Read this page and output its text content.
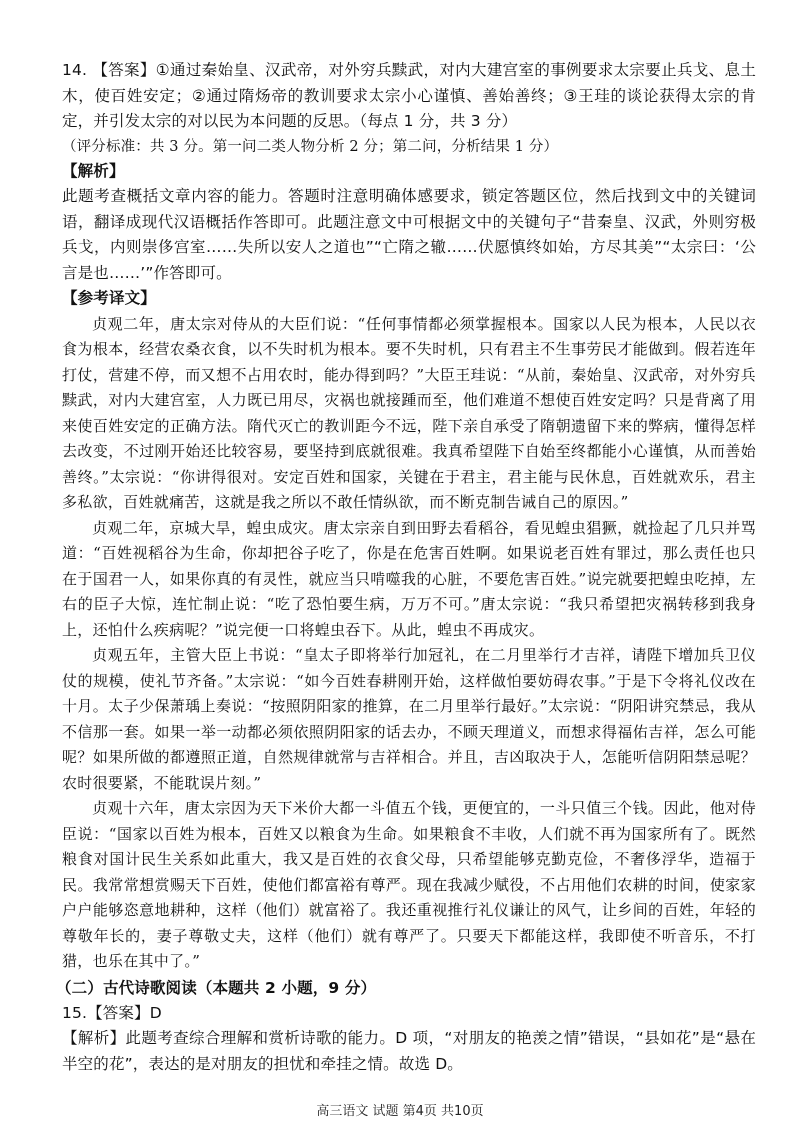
14. 【答案】①通过秦始皇、汉武帝，对外穷兵黩武，对内大建宫室的事例要求太宗要止兵戈、息土木，使百姓安定；②通过隋炀帝的教训要求太宗小心谨慎、善始善终；③王珪的谈论获得太宗的肯定，并引发太宗的对以民为本问题的反思。（每点 1 分，共 3 分）

（评分标准：共 3 分。第一问二类人物分析 2 分；第二问，分析结果 1 分）

【解析】

此题考查概括文章内容的能力。答题时注意明确体感要求，锁定答题区位，然后找到文中的关键词语，翻译成现代汉语概括作答即可。此题注意文中可根据文中的关键句子“昔秦皇、汉武，外则穷极兵戈，内则崇侈宫室……失所以安人之道也”“亡隋之辙……伏愿慎终如始，方尽其美”“太宗曰：‘公言是也……’”作答即可。

【参考译文】

贞观二年，唐太宗对侍从的大臣们说：“任何事情都必须掌握根本。国家以人民为根本，人民以衣食为根本，经营农桑衣食，以不失时机为根本。要不失时机，只有君主不生事劳民才能做到。假若连年打仗，营建不停，而又想不占用农时，能办得到吗？”大臣王珪说：“从前，秦始皇、汉武帝，对外穷兵黩武，对内大建宫室，人力既已用尽，灾祸也就接踵而至，他们难道不想使百姓安定吗？只是背离了用来使百姓安定的正确方法。隋代灭亡的教训距今不远，陛下亲自承受了隋朝遗留下来的弊病，懂得怎样去改变，不过刚开始还比较容易，要坚持到底就很难。我真希望陛下自始至终都能小心谨慎，从而善始善终。”太宗说：“你讲得很对。安定百姓和国家，关键在于君主，君主能与民休息，百姓就欢乐，君主多私欲，百姓就痛苦，这就是我之所以不敢任情纵欲，而不断克制告诫自己的原因。”

贞观二年，京城大旱，蝗虫成灾。唐太宗亲自到田野去看稻谷，看见蝗虫猖獗，就捡起了几只并骂道：“百姓视稻谷为生命，你却把谷子吃了，你是在危害百姓啊。如果说老百姓有罪过，那么责任也只在于国君一人，如果你真的有灵性，就应当只啃噬我的心脏，不要危害百姓。”说完就要把蝗虫吃掉，左右的臣子大惊，连忙制止说：“吃了恐怕要生病，万万不可。”唐太宗说：“我只希望把灾祸转移到我身上，还怕什么疾病呢？”说完便一口将蝗虫吞下。从此，蝗虫不再成灾。

贞观五年，主管大臣上书说：“皇太子即将举行加冠礼，在二月里举行才吉祥，请陛下增加兵卫仪仗的规模，使礼节齐备。”太宗说：“如今百姓春耕刚开始，这样做怕要妨碍农事。”于是下令将礼仪改在十月。太子少保萧瑀上奏说：“按照阴阳家的推算，在二月里举行最好。”太宗说：“阴阳讲究禁忌，我从不信那一套。如果一举一动都必须依照阴阳家的话去办，不顾天理道义，而想求得福佑吉祥，怎么可能呢？如果所做的都遵照正道，自然规律就常与吉祥相合。并且，吉凶取决于人，怎能听信阴阳禁忌呢？农时很要紧，不能耽误片刻。”

贞观十六年，唐太宗因为天下米价大都一斗值五个钱，更便宜的，一斗只值三个钱。因此，他对侍臣说：“国家以百姓为根本，百姓又以粮食为生命。如果粮食不丰收，人们就不再为国家所有了。既然粮食对国计民生关系如此重大，我又是百姓的衣食父母，只希望能够克勤克俭，不奢侈浮华，造福于民。我常常想赏赐天下百姓，使他们都富裕有尊严。现在我减少赋役，不占用他们农耕的时间，使家家户户能够恣意地耕种，这样（他们）就富裕了。我还重视推行礼仪谦让的风气，让乡间的百姓，年轻的尊敬年长的，妻子尊敬丈夫，这样（他们）就有尊严了。只要天下都能这样，我即使不听音乐，不打猎，也乐在其中了。”

（二）古代诗歌阅读（本题共 2 小题，9 分）

15.【答案】D

【解析】此题考查综合理解和赏析诗歌的能力。D 项，“对朋友的艳羡之情”错误，“县如花”是“悬在半空的花”，表达的是对朋友的担忧和牵挂之情。故选 D。

高三语文 试题 第4页 共10页
